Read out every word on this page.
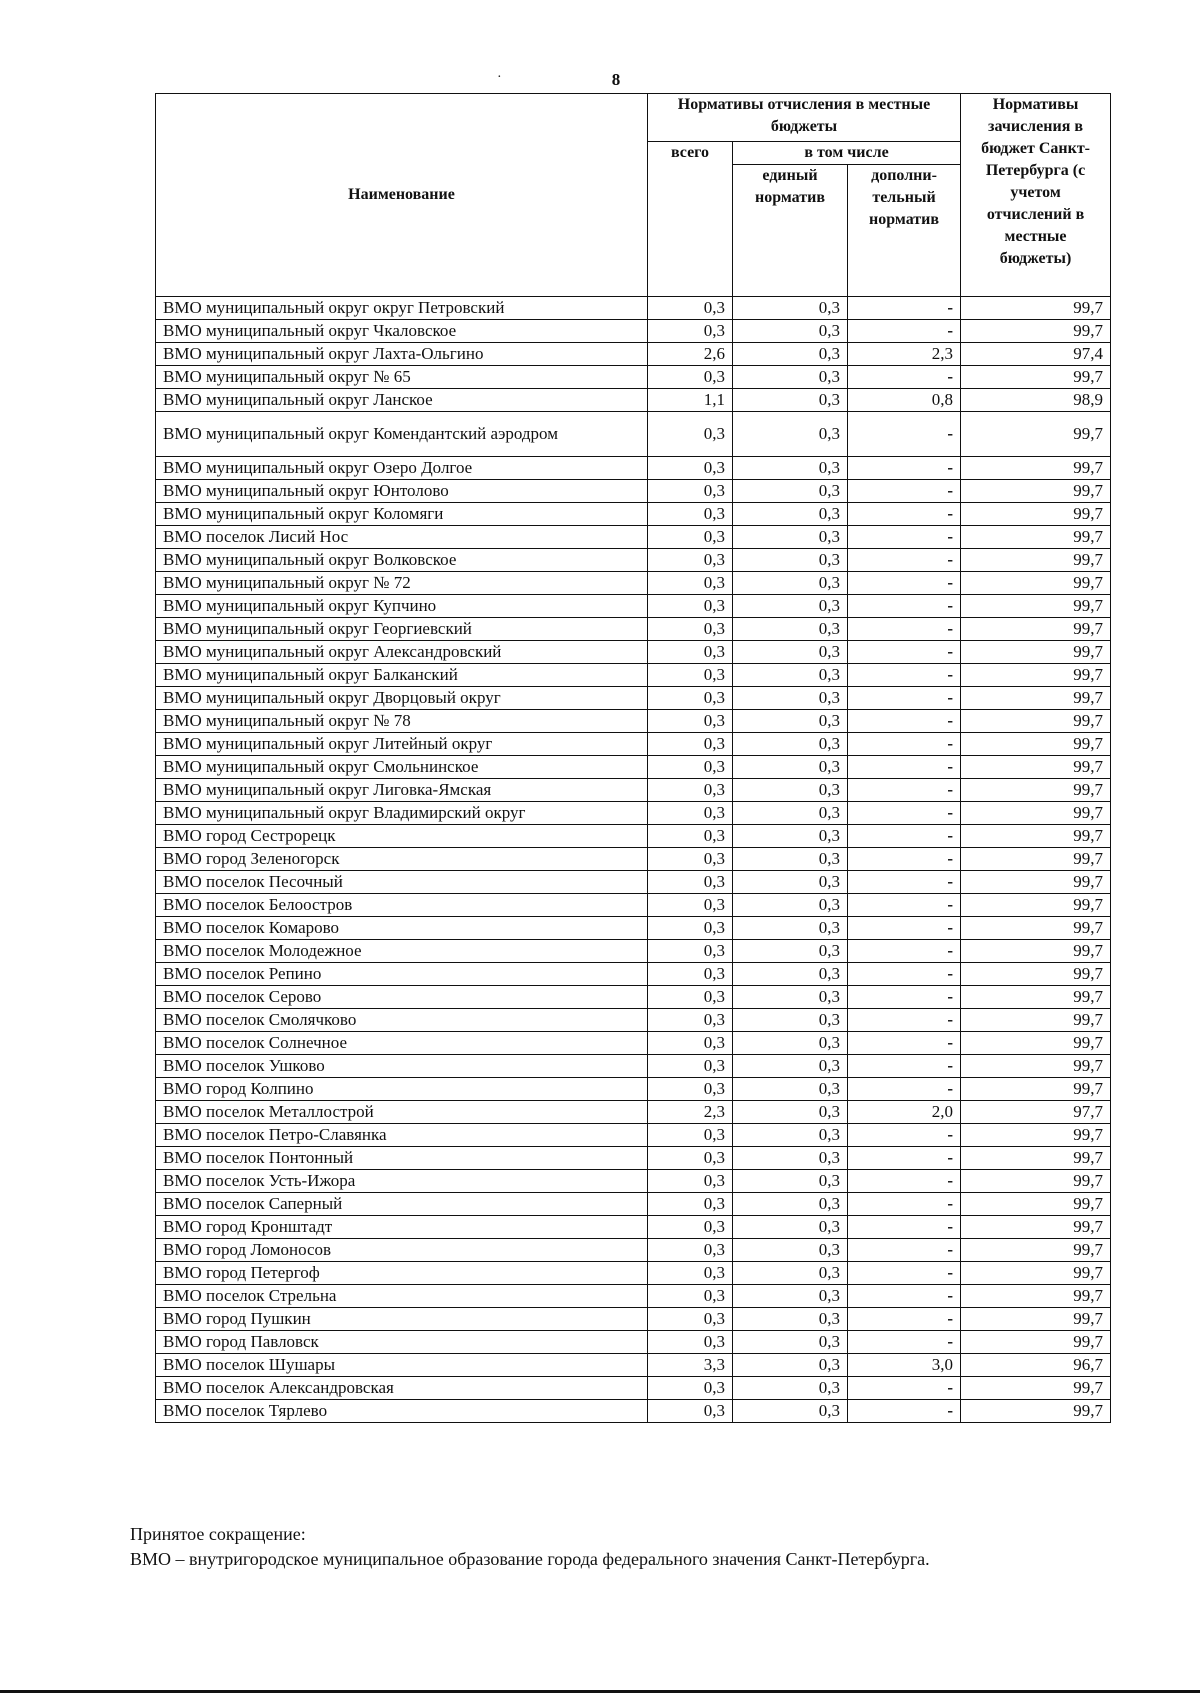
8
·
Наименование	Нормативы отчисления в местные бюджеты			Нормативы зачисления в бюджет Санкт- Петербурга (с учетом отчислений в местные бюджеты)
	всего	в том числе		
		единый норматив	дополни- тельный норматив	
ВМО муниципальный округ округ Петровский	0,3	0,3	-	99,7
ВМО муниципальный округ Чкаловское	0,3	0,3	-	99,7
ВМО муниципальный округ Лахта-Ольгино	2,6	0,3	2,3	97,4
ВМО муниципальный округ № 65	0,3	0,3	-	99,7
ВМО муниципальный округ Ланское	1,1	0,3	0,8	98,9
ВМО муниципальный округ Комендантский аэродром	0,3	0,3	-	99,7
ВМО муниципальный округ Озеро Долгое	0,3	0,3	-	99,7
ВМО муниципальный округ Юнтолово	0,3	0,3	-	99,7
ВМО муниципальный округ Коломяги	0,3	0,3	-	99,7
ВМО поселок Лисий Нос	0,3	0,3	-	99,7
ВМО муниципальный округ Волковское	0,3	0,3	-	99,7
ВМО муниципальный округ № 72	0,3	0,3	-	99,7
ВМО муниципальный округ Купчино	0,3	0,3	-	99,7
ВМО муниципальный округ Георгиевский	0,3	0,3	-	99,7
ВМО муниципальный округ Александровский	0,3	0,3	-	99,7
ВМО муниципальный округ Балканский	0,3	0,3	-	99,7
ВМО муниципальный округ Дворцовый округ	0,3	0,3	-	99,7
ВМО муниципальный округ № 78	0,3	0,3	-	99,7
ВМО муниципальный округ Литейный округ	0,3	0,3	-	99,7
ВМО муниципальный округ Смольнинское	0,3	0,3	-	99,7
ВМО муниципальный округ Лиговка-Ямская	0,3	0,3	-	99,7
ВМО муниципальный округ Владимирский округ	0,3	0,3	-	99,7
ВМО город Сестрорецк	0,3	0,3	-	99,7
ВМО город Зеленогорск	0,3	0,3	-	99,7
ВМО поселок Песочный	0,3	0,3	-	99,7
ВМО поселок Белоостров	0,3	0,3	-	99,7
ВМО поселок Комарово	0,3	0,3	-	99,7
ВМО поселок Молодежное	0,3	0,3	-	99,7
ВМО поселок Репино	0,3	0,3	-	99,7
ВМО поселок Серово	0,3	0,3	-	99,7
ВМО поселок Смолячково	0,3	0,3	-	99,7
ВМО поселок Солнечное	0,3	0,3	-	99,7
ВМО поселок Ушково	0,3	0,3	-	99,7
ВМО город Колпино	0,3	0,3	-	99,7
ВМО поселок Металлострой	2,3	0,3	2,0	97,7
ВМО поселок Петро-Славянка	0,3	0,3	-	99,7
ВМО поселок Понтонный	0,3	0,3	-	99,7
ВМО поселок Усть-Ижора	0,3	0,3	-	99,7
ВМО поселок Саперный	0,3	0,3	-	99,7
ВМО город Кронштадт	0,3	0,3	-	99,7
ВМО город Ломоносов	0,3	0,3	-	99,7
ВМО город Петергоф	0,3	0,3	-	99,7
ВМО поселок Стрельна	0,3	0,3	-	99,7
ВМО город Пушкин	0,3	0,3	-	99,7
ВМО город Павловск	0,3	0,3	-	99,7
ВМО поселок Шушары	3,3	0,3	3,0	96,7
ВМО поселок Александровская	0,3	0,3	-	99,7
ВМО поселок Тярлево	0,3	0,3	-	99,7
Принятое сокращение:
ВМО – внутригородское муниципальное образование города федерального значения Санкт-Петербурга.
